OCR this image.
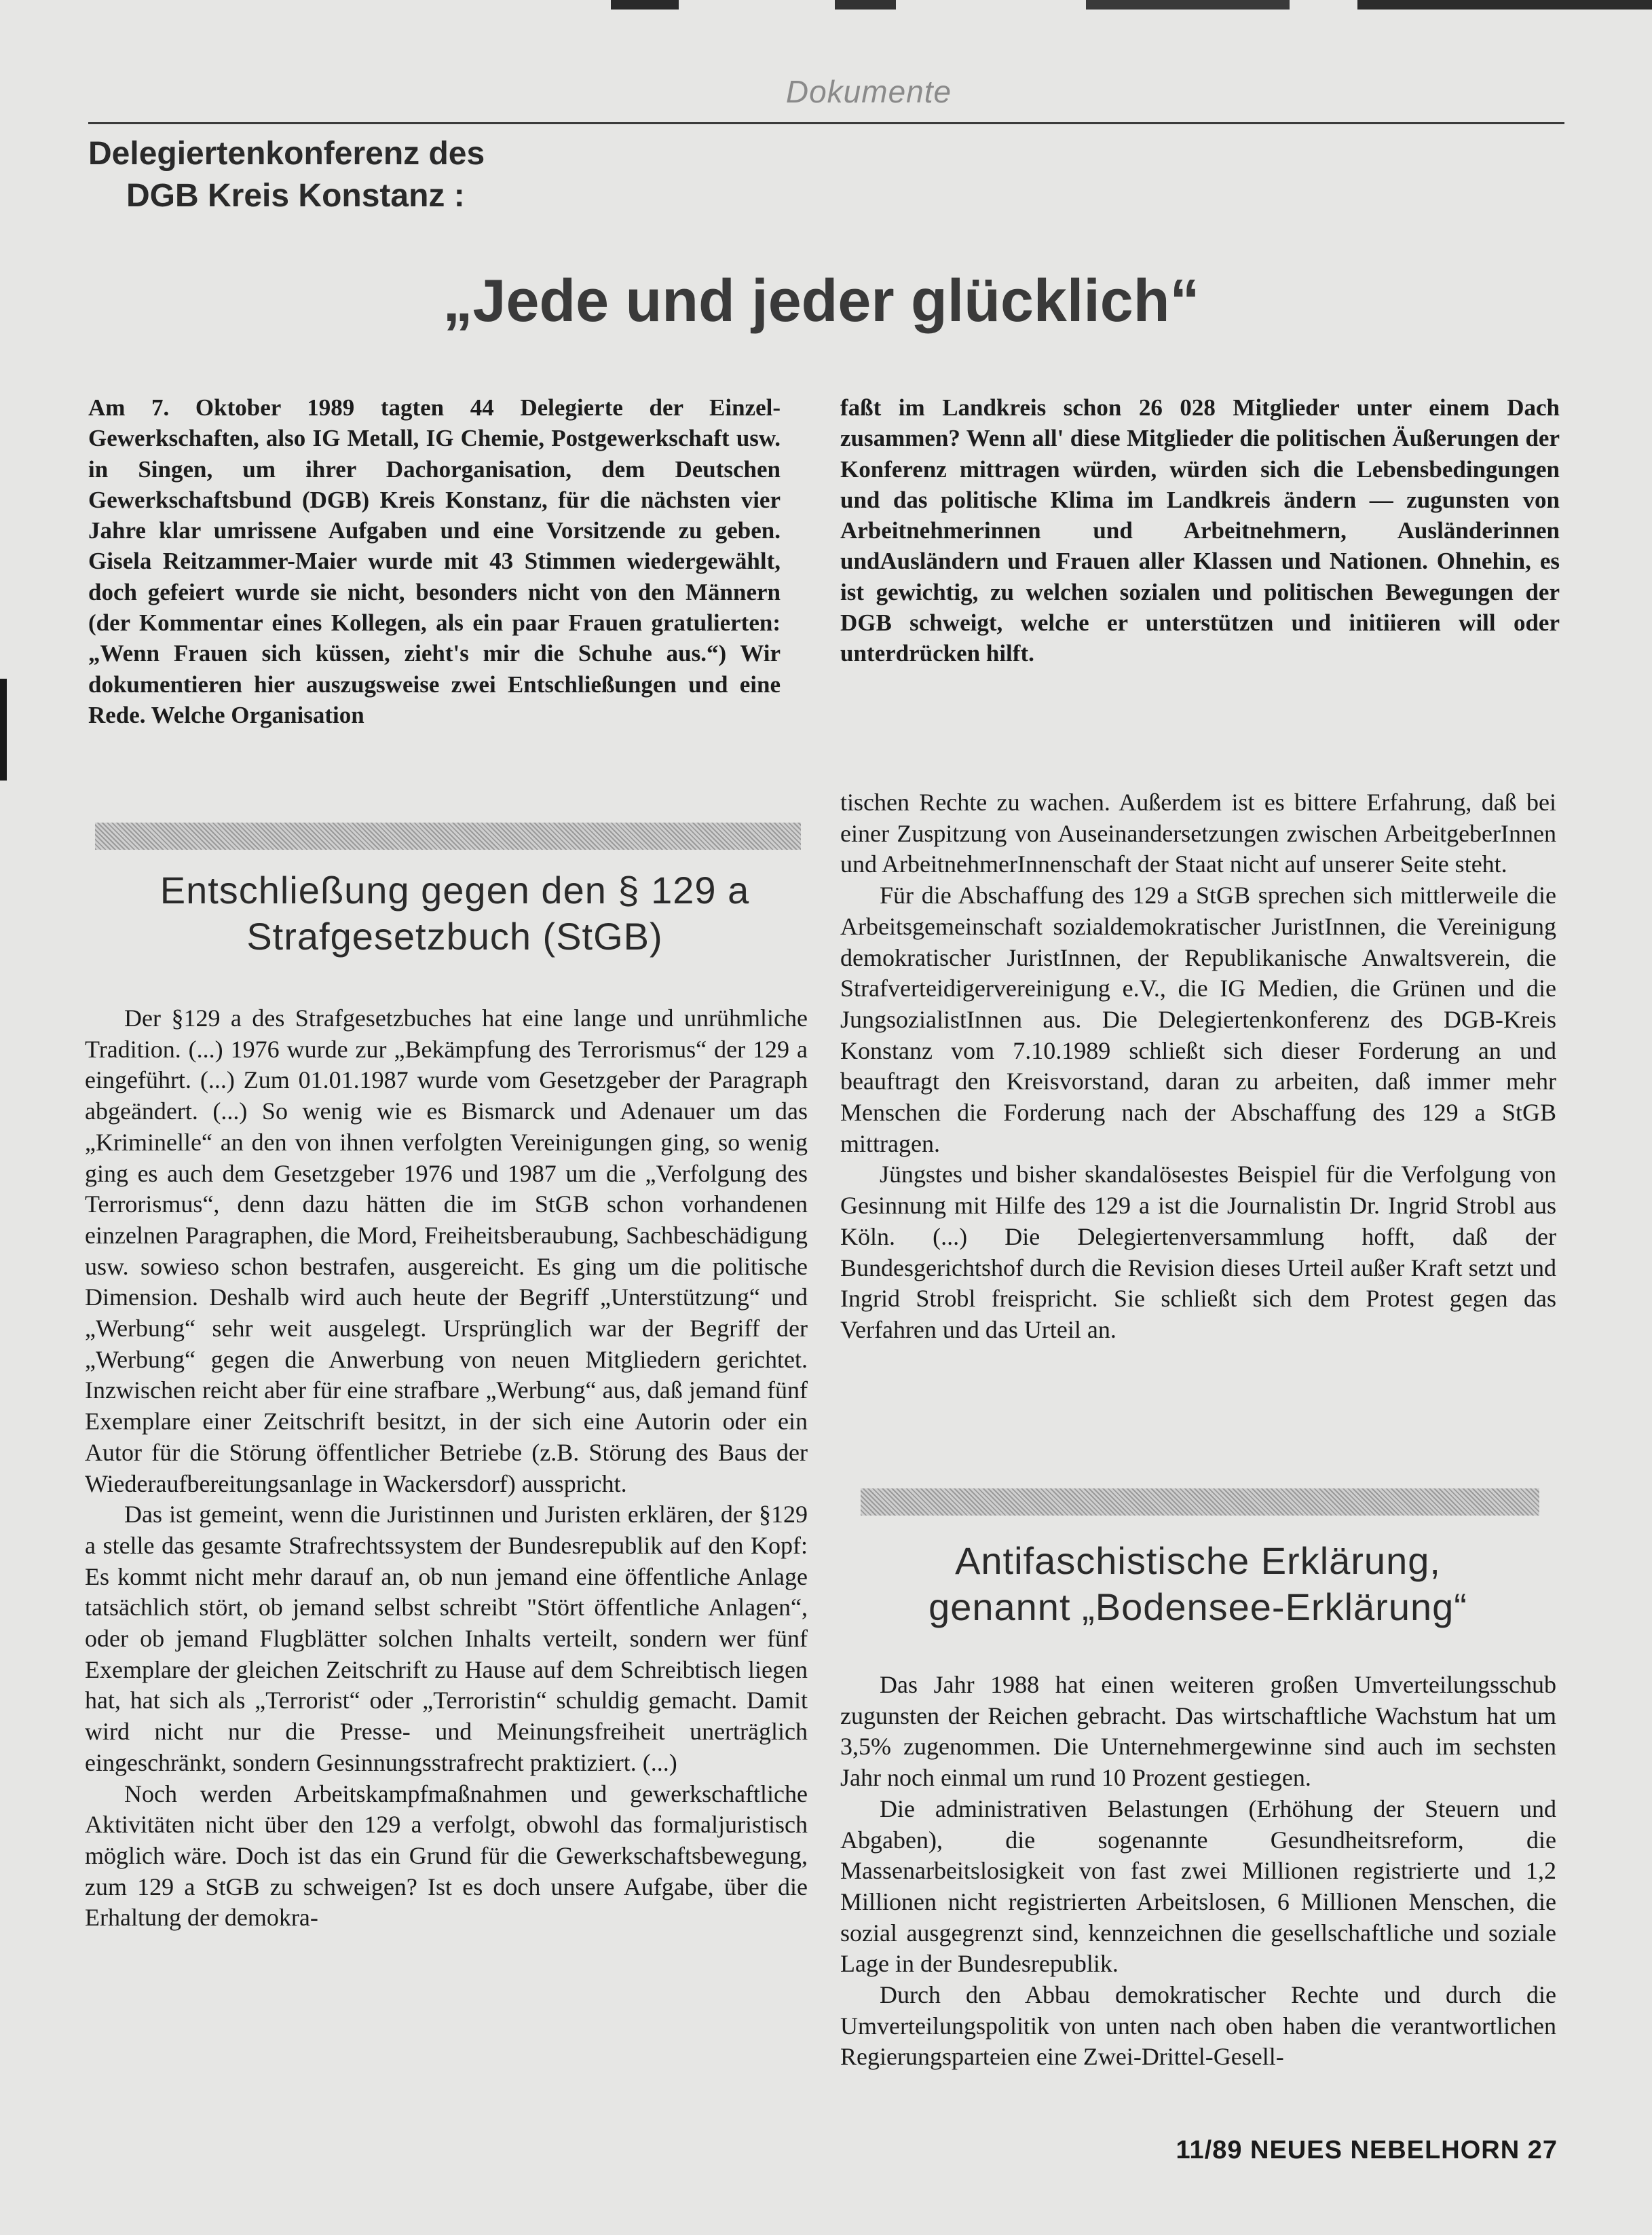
Dokumente
Delegiertenkonferenz des
DGB Kreis Konstanz :
„Jede und jeder glücklich“

Am 7. Oktober 1989 tagten 44 Delegierte der Einzel-Gewerkschaften, also IG Metall, IG Chemie, Postgewerkschaft usw. in Singen, um ihrer Dachorganisation, dem Deutschen Gewerkschaftsbund (DGB) Kreis Konstanz, für die nächsten vier Jahre klar umrissene Aufgaben und eine Vorsitzende zu geben. Gisela Reitzammer-Maier wurde mit 43 Stimmen wiedergewählt, doch gefeiert wurde sie nicht, besonders nicht von den Männern (der Kommentar eines Kollegen, als ein paar Frauen gratulierten: „Wenn Frauen sich küssen, zieht's mir die Schuhe aus.“) Wir dokumentieren hier auszugsweise zwei Entschließungen und eine Rede. Welche Organisation

faßt im Landkreis schon 26 028 Mitglieder unter einem Dach zusammen? Wenn all' diese Mitglieder die politischen Äußerungen der Konferenz mittragen würden, würden sich die Lebensbedingungen und das politische Klima im Landkreis ändern — zugunsten von Arbeitnehmerinnen und Arbeitnehmern, Ausländerinnen undAusländern und Frauen aller Klassen und Nationen. Ohnehin, es ist gewichtig, zu welchen sozialen und politischen Bewegungen der DGB schweigt, welche er unterstützen und initiieren will oder unterdrücken hilft.

Entschließung gegen den § 129 a
Strafgesetzbuch (StGB)

Der §129 a des Strafgesetzbuches hat eine lange und unrühmliche Tradition. (...) 1976 wurde zur „Bekämpfung des Terrorismus“ der 129 a eingeführt. (...) Zum 01.01.1987 wurde vom Gesetzgeber der Paragraph abgeändert. (...) So wenig wie es Bismarck und Adenauer um das „Kriminelle“ an den von ihnen verfolgten Vereinigungen ging, so wenig ging es auch dem Gesetzgeber 1976 und 1987 um die „Verfolgung des Terrorismus“, denn dazu hätten die im StGB schon vorhandenen einzelnen Paragraphen, die Mord, Freiheitsberaubung, Sachbeschädigung usw. sowieso schon bestrafen, ausgereicht. Es ging um die politische Dimension. Deshalb wird auch heute der Begriff „Unterstützung“ und „Werbung“ sehr weit ausgelegt. Ursprünglich war der Begriff der „Werbung“ gegen die Anwerbung von neuen Mitgliedern gerichtet. Inzwischen reicht aber für eine strafbare „Werbung“ aus, daß jemand fünf Exemplare einer Zeitschrift besitzt, in der sich eine Autorin oder ein Autor für die Störung öffentlicher Betriebe (z.B. Störung des Baus der Wiederaufbereitungsanlage in Wackersdorf) ausspricht.

Das ist gemeint, wenn die Juristinnen und Juristen erklären, der §129 a stelle das gesamte Strafrechtssystem der Bundesrepublik auf den Kopf: Es kommt nicht mehr darauf an, ob nun jemand eine öffentliche Anlage tatsächlich stört, ob jemand selbst schreibt "Stört öffentliche Anlagen“, oder ob jemand Flugblätter solchen Inhalts verteilt, sondern wer fünf Exemplare der gleichen Zeitschrift zu Hause auf dem Schreibtisch liegen hat, hat sich als „Terrorist“ oder „Terroristin“ schuldig gemacht. Damit wird nicht nur die Presse- und Meinungsfreiheit unerträglich eingeschränkt, sondern Gesinnungsstrafrecht praktiziert. (...)

Noch werden Arbeitskampfmaßnahmen und gewerkschaftliche Aktivitäten nicht über den 129 a verfolgt, obwohl das formaljuristisch möglich wäre. Doch ist das ein Grund für die Gewerkschaftsbewegung, zum 129 a StGB zu schweigen? Ist es doch unsere Aufgabe, über die Erhaltung der demokra-

tischen Rechte zu wachen. Außerdem ist es bittere Erfahrung, daß bei einer Zuspitzung von Auseinandersetzungen zwischen ArbeitgeberInnen und ArbeitnehmerInnenschaft der Staat nicht auf unserer Seite steht.

Für die Abschaffung des 129 a StGB sprechen sich mittlerweile die Arbeitsgemeinschaft sozialdemokratischer JuristInnen, die Vereinigung demokratischer JuristInnen, der Republikanische Anwaltsverein, die Strafverteidigervereinigung e.V., die IG Medien, die Grünen und die JungsozialistInnen aus. Die Delegiertenkonferenz des DGB-Kreis Konstanz vom 7.10.1989 schließt sich dieser Forderung an und beauftragt den Kreisvorstand, daran zu arbeiten, daß immer mehr Menschen die Forderung nach der Abschaffung des 129 a StGB mittragen.

Jüngstes und bisher skandalösestes Beispiel für die Verfolgung von Gesinnung mit Hilfe des 129 a ist die Journalistin Dr. Ingrid Strobl aus Köln. (...) Die Delegiertenversammlung hofft, daß der Bundesgerichtshof durch die Revision dieses Urteil außer Kraft setzt und Ingrid Strobl freispricht. Sie schließt sich dem Protest gegen das Verfahren und das Urteil an.

Antifaschistische Erklärung,
genannt „Bodensee-Erklärung“

Das Jahr 1988 hat einen weiteren großen Umverteilungsschub zugunsten der Reichen gebracht. Das wirtschaftliche Wachstum hat um 3,5% zugenommen. Die Unternehmergewinne sind auch im sechsten Jahr noch einmal um rund 10 Prozent gestiegen.

Die administrativen Belastungen (Erhöhung der Steuern und Abgaben), die sogenannte Gesundheitsreform, die Massenarbeitslosigkeit von fast zwei Millionen registrierte und 1,2 Millionen nicht registrierten Arbeitslosen, 6 Millionen Menschen, die sozial ausgegrenzt sind, kennzeichnen die gesellschaftliche und soziale Lage in der Bundesrepublik.

Durch den Abbau demokratischer Rechte und durch die Umverteilungspolitik von unten nach oben haben die verantwortlichen Regierungsparteien eine Zwei-Drittel-Gesell-

11/89 NEUES NEBELHORN 27
